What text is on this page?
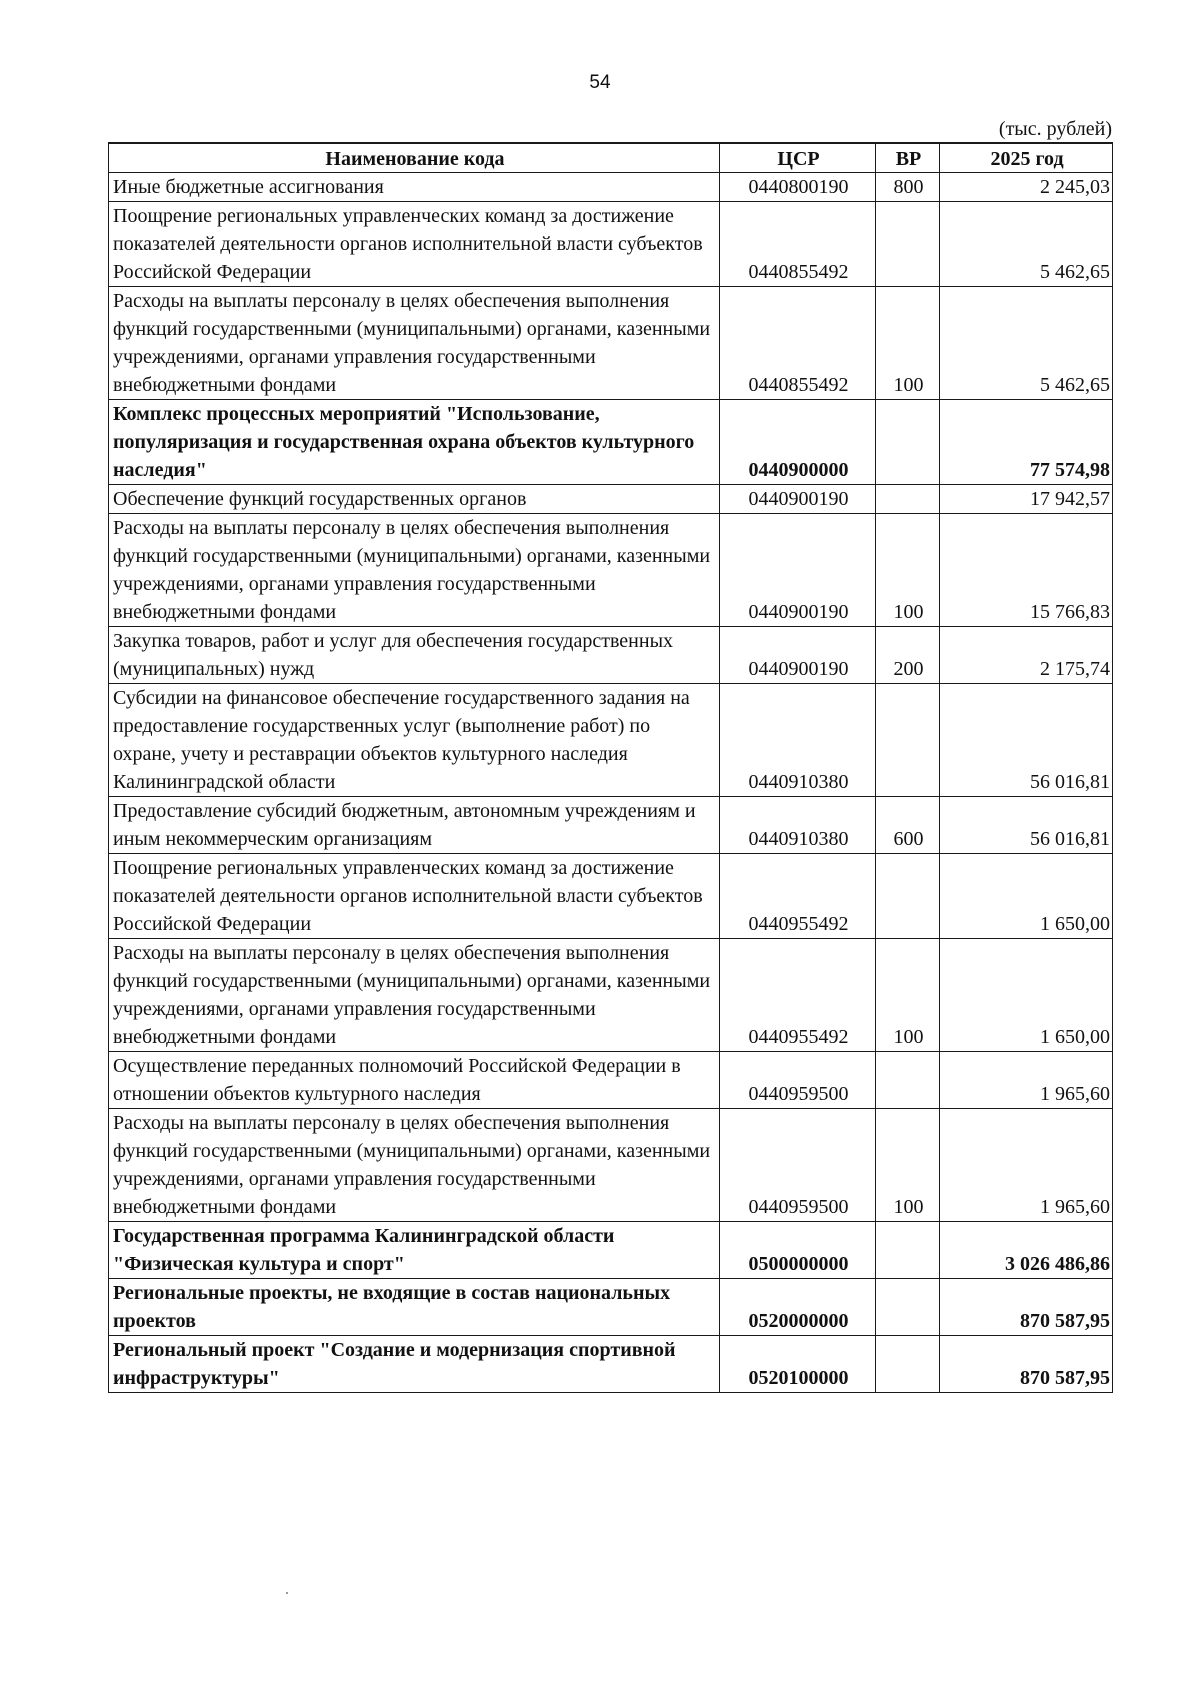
54
(тыс. рублей)
Наименование кода	ЦСР	ВР	2025 год
Иные бюджетные ассигнования	0440800190	800	2 245,03
Поощрение региональных управленческих команд за достижение показателей деятельности органов исполнительной власти субъектов Российской Федерации	0440855492		5 462,65
Расходы на выплаты персоналу в целях обеспечения выполнения функций государственными (муниципальными) органами, казенными учреждениями, органами управления государственными внебюджетными фондами	0440855492	100	5 462,65
Комплекс процессных мероприятий "Использование, популяризация и государственная охрана объектов культурного наследия"	0440900000		77 574,98
Обеспечение функций государственных органов	0440900190		17 942,57
Расходы на выплаты персоналу в целях обеспечения выполнения функций государственными (муниципальными) органами, казенными учреждениями, органами управления государственными внебюджетными фондами	0440900190	100	15 766,83
Закупка товаров, работ и услуг для обеспечения государственных (муниципальных) нужд	0440900190	200	2 175,74
Субсидии на финансовое обеспечение государственного задания на предоставление государственных услуг (выполнение работ) по охране, учету и реставрации объектов культурного наследия Калининградской области	0440910380		56 016,81
Предоставление субсидий бюджетным, автономным учреждениям и иным некоммерческим организациям	0440910380	600	56 016,81
Поощрение региональных управленческих команд за достижение показателей деятельности органов исполнительной власти субъектов Российской Федерации	0440955492		1 650,00
Расходы на выплаты персоналу в целях обеспечения выполнения функций государственными (муниципальными) органами, казенными учреждениями, органами управления государственными внебюджетными фондами	0440955492	100	1 650,00
Осуществление переданных полномочий Российской Федерации в отношении объектов культурного наследия	0440959500		1 965,60
Расходы на выплаты персоналу в целях обеспечения выполнения функций государственными (муниципальными) органами, казенными учреждениями, органами управления государственными внебюджетными фондами	0440959500	100	1 965,60
Государственная программа Калининградской области "Физическая культура и спорт"	0500000000		3 026 486,86
Региональные проекты, не входящие в состав национальных проектов	0520000000		870 587,95
Региональный проект "Создание и модернизация спортивной инфраструктуры"	0520100000		870 587,95
